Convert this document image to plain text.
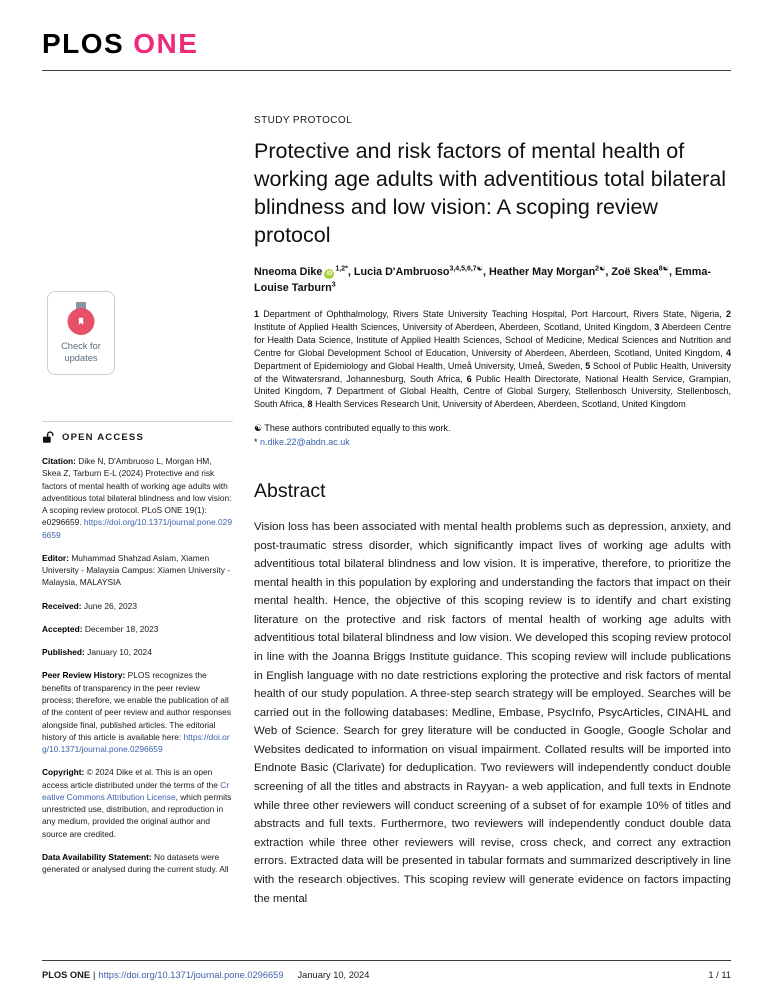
PLOS ONE
Check for
updates
OPEN ACCESS

Citation: Dike N, D'Ambruoso L, Morgan HM, Skea Z, Tarburn E-L (2024) Protective and risk factors of mental health of working age adults with adventitious total bilateral blindness and low vision: A scoping review protocol. PLoS ONE 19(1): e0296659. https://doi.org/10.1371/journal.pone.0296659

Editor: Muhammad Shahzad Aslam, Xiamen University - Malaysia Campus: Xiamen University - Malaysia, MALAYSIA

Received: June 26, 2023

Accepted: December 18, 2023

Published: January 10, 2024

Peer Review History: PLOS recognizes the benefits of transparency in the peer review process; therefore, we enable the publication of all of the content of peer review and author responses alongside final, published articles. The editorial history of this article is available here: https://doi.org/10.1371/journal.pone.0296659

Copyright: © 2024 Dike et al. This is an open access article distributed under the terms of the Creative Commons Attribution License, which permits unrestricted use, distribution, and reproduction in any medium, provided the original author and source are credited.

Data Availability Statement: No datasets were generated or analysed during the current study. All

STUDY PROTOCOL
Protective and risk factors of mental health of working age adults with adventitious total bilateral blindness and low vision: A scoping review protocol

Nneoma Dike $iD^{1,2*}$ , Lucia D'Ambruoso$^{3,4,5,6,7☯}$ , Heather May Morgan$^{2☯}$ , Zoë Skea$^{8☯}$ , Emma-Louise Tarburn$^3$

1 Department of Ophthalmology, Rivers State University Teaching Hospital, Port Harcourt, Rivers State, Nigeria, 2 Institute of Applied Health Sciences, University of Aberdeen, Aberdeen, Scotland, United Kingdom, 3 Aberdeen Centre for Health Data Science, Institute of Applied Health Sciences, School of Medicine, Medical Sciences and Nutrition and Centre for Global Development School of Education, University of Aberdeen, Aberdeen, Scotland, United Kingdom, 4 Department of Epidemiology and Global Health, Umeå University, Umeå, Sweden, 5 School of Public Health, University of the Witwatersrand, Johannesburg, South Africa, 6 Public Health Directorate, National Health Service, Grampian, United Kingdom, 7 Department of Global Health, Centre of Global Surgery, Stellenbosch University, Stellenbosch, South Africa, 8 Health Services Research Unit, University of Aberdeen, Aberdeen, Scotland, United Kingdom

☯ These authors contributed equally to this work.

* n.dike.22@abdn.ac.uk

Abstract

Vision loss has been associated with mental health problems such as depression, anxiety, and post-traumatic stress disorder, which significantly impact lives of working age adults with adventitious total bilateral blindness and low vision. It is imperative, therefore, to prioritize the mental health in this population by exploring and understanding the factors that impact on their mental health. Hence, the objective of this scoping review is to identify and chart existing literature on the protective and risk factors of mental health of working age adults with adventitious total bilateral blindness and low vision. We developed this scoping review protocol in line with the Joanna Briggs Institute guidance. This scoping review will include publications in English language with no date restrictions exploring the protective and risk factors of mental health of our study population. A three-step search strategy will be employed. Searches will be carried out in the following databases: Medline, Embase, PsycInfo, PsycArticles, CINAHL and Web of Science. Search for grey literature will be conducted in Google, Google Scholar and Websites dedicated to information on visual impairment. Collated results will be imported into Endnote Basic (Clarivate) for deduplication. Two reviewers will independently conduct double screening of all the titles and abstracts in Rayyan- a web application, and full texts in Endnote while three other reviewers will conduct screening of a subset of for example 10% of titles and abstracts and full texts. Furthermore, two reviewers will independently conduct double data extraction while three other reviewers will revise, cross check, and correct any extraction errors. Extracted data will be presented in tabular formats and summarized descriptively in line with the research objectives. This scoping review will generate evidence on factors impacting the mental

PLOS ONE | https://doi.org/10.1371/journal.pone.0296659 January 10, 2024	1 / 11
